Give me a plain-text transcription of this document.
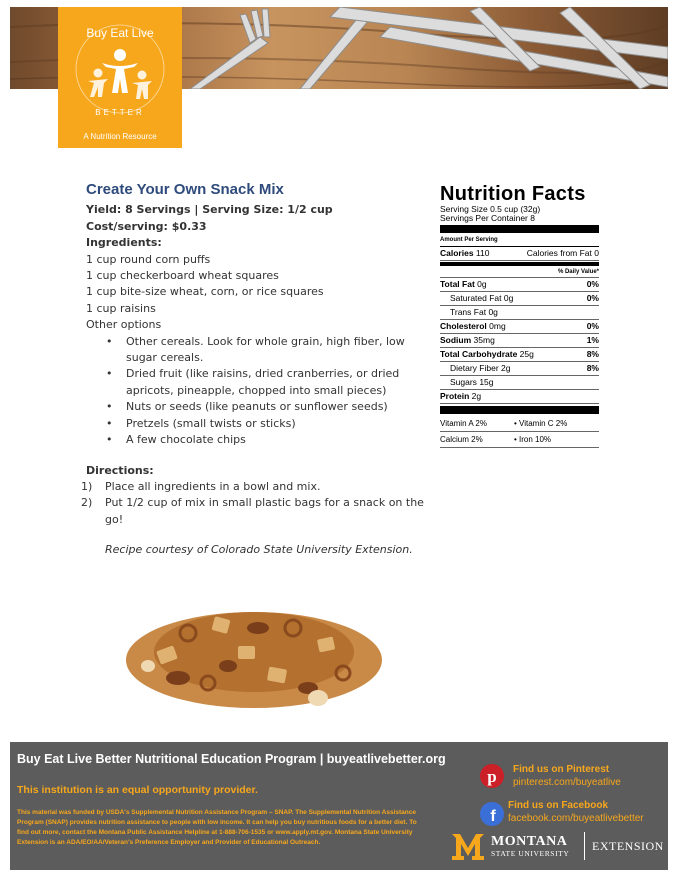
Buy Eat Live
BETTER
A Nutrition Resource
Create Your Own Snack Mix
Yield: 8 Servings | Serving Size: 1/2 cup
Cost/serving: $0.33
Ingredients:
1 cup round corn puffs
1 cup checkerboard wheat squares
1 cup bite-size wheat, corn, or rice squares
1 cup raisins
Other options
• Other cereals. Look for whole grain, high fiber, low sugar cereals.
• Dried fruit (like raisins, dried cranberries, or dried apricots, pineapple, chopped into small pieces)
• Nuts or seeds (like peanuts or sunflower seeds)
• Pretzels (small twists or sticks)
• A few chocolate chips
Directions:
1) Place all ingredients in a bowl and mix.
2) Put 1/2 cup of mix in small plastic bags for a snack on the go!
Recipe courtesy of Colorado State University Extension.
Nutrition Facts
Serving Size 0.5 cup (32g)
Servings Per Container 8
Amount Per Serving
Calories 110	Calories from Fat 0
% Daily Value*
Total Fat 0g	0%
Saturated Fat 0g	0%
Trans Fat 0g
Cholesterol 0mg	0%
Sodium 35mg	1%
Total Carbohydrate 25g	8%
Dietary Fiber 2g	8%
Sugars 15g
Protein 2g
Vitamin A 2%	• Vitamin C 2%
Calcium 2%	• Iron 10%
Buy Eat Live Better Nutritional Education Program | buyeatlivebetter.org
This institution is an equal opportunity provider.
This material was funded by USDA's Supplemental Nutrition Assistance Program – SNAP. The Supplemental Nutrition Assistance Program (SNAP) provides nutrition assistance to people with low income. It can help you buy nutritious foods for a better diet. To find out more, contact the Montana Public Assistance Helpline at 1-888-706-1535 or www.apply.mt.gov. Montana State University Extension is an ADA/EO/AA/Veteran's Preference Employer and Provider of Educational Outreach.
p Find us on Pinterest
pinterest.com/buyeatlive
f
Find us on Facebook
facebook.com/buyeatlivebetter
MONTANA
STATE UNIVERSITY
EXTENSION
